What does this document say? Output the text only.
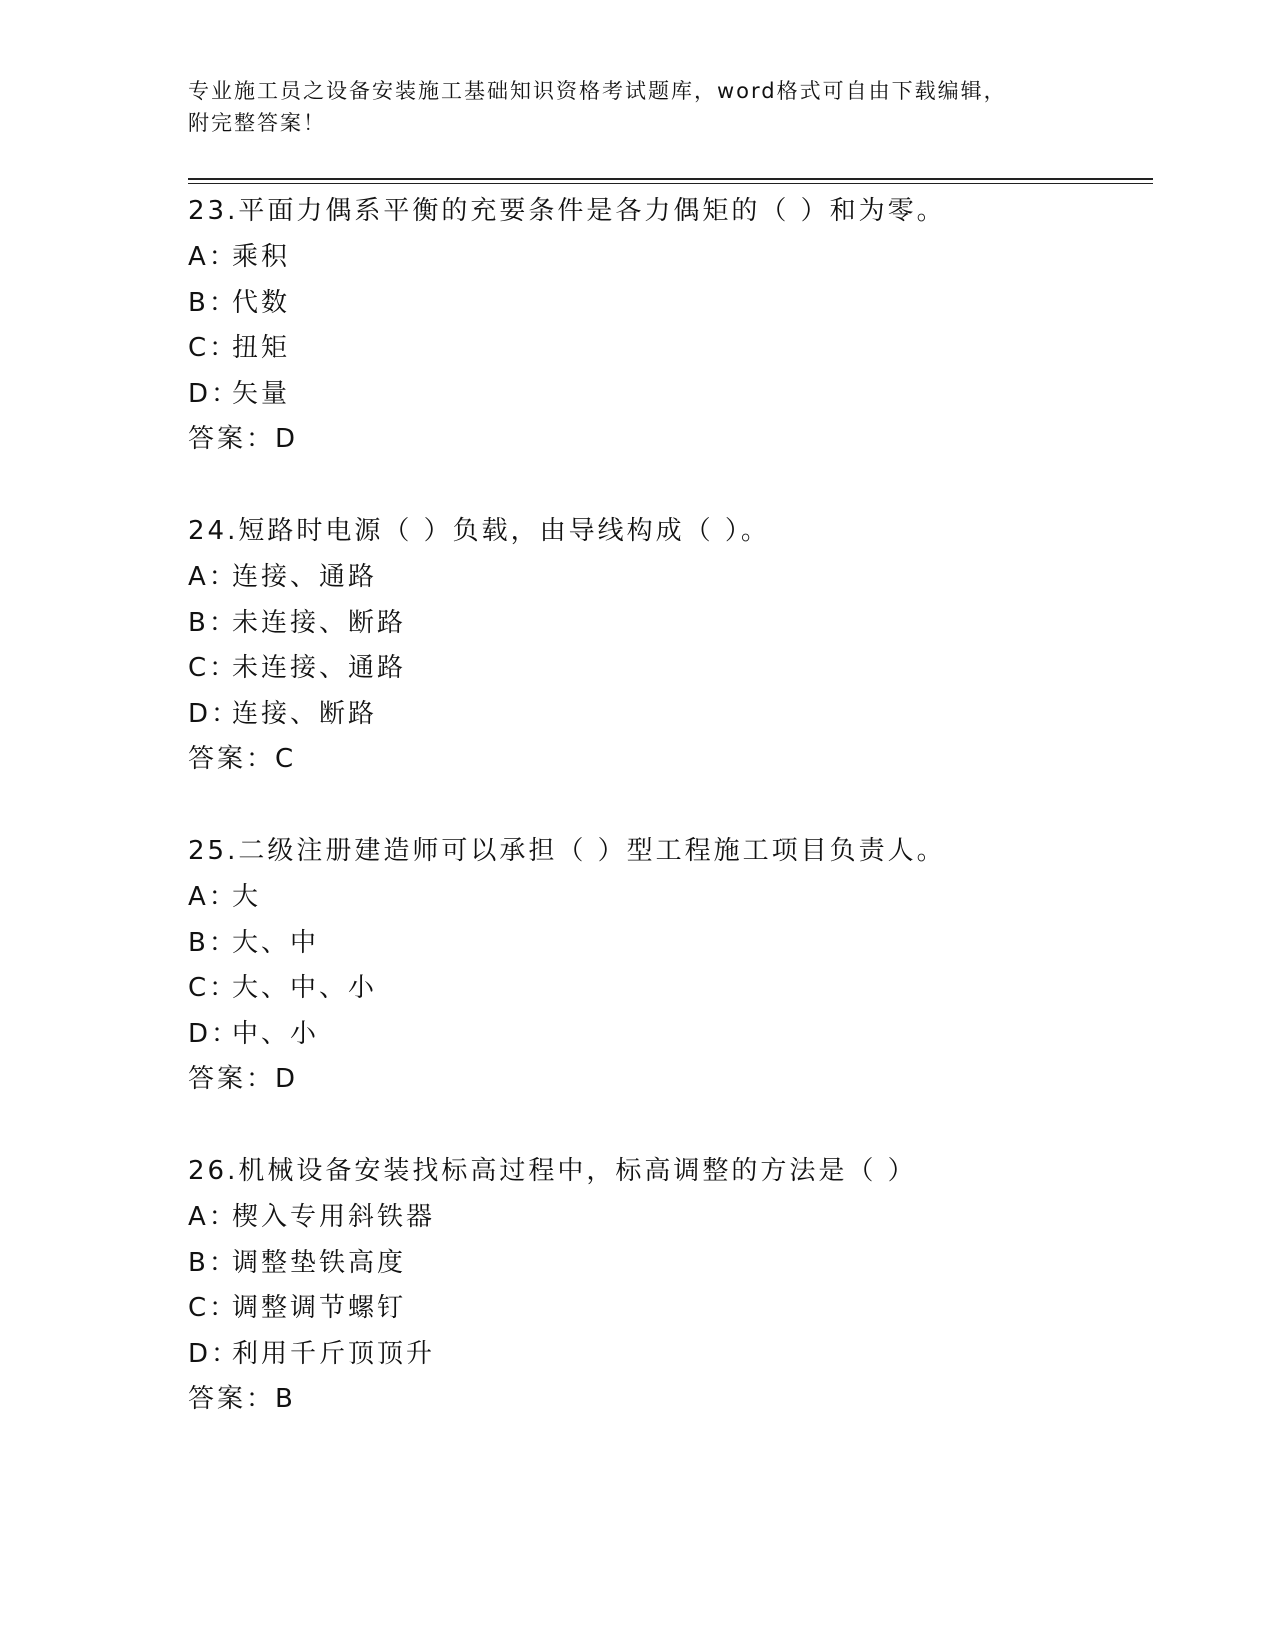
专业施工员之设备安装施工基础知识资格考试题库，word格式可自由下载编辑，
附完整答案！
23.平面力偶系平衡的充要条件是各力偶矩的（ ）和为零。
A：乘积
B：代数
C：扭矩
D：矢量
答案：D
24.短路时电源（ ）负载，由导线构成（ ）。
A：连接、通路
B：未连接、断路
C：未连接、通路
D：连接、断路
答案：C
25.二级注册建造师可以承担（ ）型工程施工项目负责人。
A：大
B：大、中
C：大、中、小
D：中、小
答案：D
26.机械设备安装找标高过程中，标高调整的方法是（ ）
A：楔入专用斜铁器
B：调整垫铁高度
C：调整调节螺钉
D：利用千斤顶顶升
答案：B
